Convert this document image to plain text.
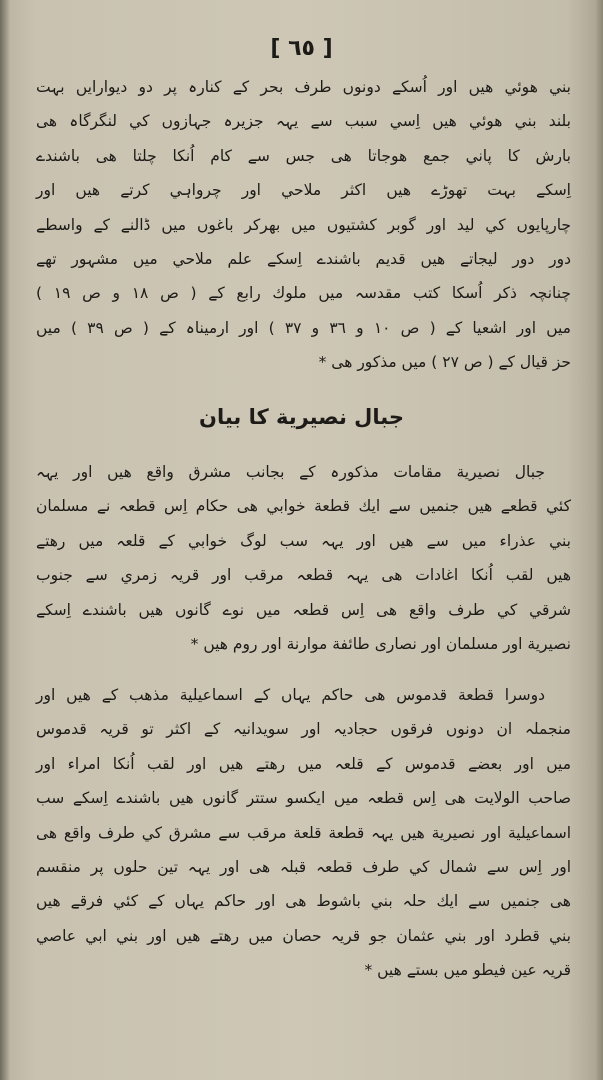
[ ٦٥ ]
بني هوئي هيں اور اُسكے دونوں طرف بحر كے كنارہ پر دو ديوارايں بہت
بلند بني هوئي هيں اِسي سبب سے يہہ جزيرہ جہازوں كي لنگرگاہ هى
بارش كا پاني جمع هوجاتا هى جس سے كام اُنكا چلتا هى باشندے
اِسكے بہت تهوڑے هيں اكثر ملاحي اور چرواہي كرتے هيں اور
چارپايوں كي ليد اور گوبر كشتيوں ميں بهركر باغوں ميں ڈالنے كے واسطے
دور دور ليجاتے هيں قديم باشندے اِسكے علم ملاحي ميں مشہور تهے
چنانچہ ذكر اُسكا كتب مقدسہ ميں ملوك رابع كے ( ص ١٨ و ص ١٩ )
ميں اور اشعيا كے ( ص ١٠ و ٣٦ و ٣٧ ) اور ارميناہ كے ( ص ٣٩ ) ميں
حز قيال كے ( ص ٢٧ ) ميں مذكور هى *
جبال نصيرية كا بيان
جبال نصيرية مقامات مذكورہ كے بجانب مشرق واقع هيں اور يہہ
كئي قطعے هيں جنميں سے ايك قطعة خوابي هى حكام اِس قطعہ نے مسلمان
بني عذراء ميں سے هيں اور يہہ سب لوگ خوابي كے قلعہ ميں رهتے
هيں لقب اُنكا اغادات هى يہہ قطعہ مرقب اور قريہ زمري سے جنوب
شرقي كي طرف واقع هى اِس قطعہ ميں نوے گانوں هيں باشندے اِسكے
نصيرية اور مسلمان اور نصارى طائفة موارنة اور روم هيں *
دوسرا قطعة قدموس هى حاكم يہاں كے اسماعيلية مذهب كے هيں اور
منجملہ ان دونوں فرقوں حجاديہ اور سويدانيہ كے اكثر تو قريہ قدموس
ميں اور بعضے قدموس كے قلعہ ميں رهتے هيں اور لقب اُنكا امراء اور
صاحب الولايت هى اِس قطعہ ميں ايكسو ستتر گانوں هيں باشندے اِسكے سب
اسماعيلية اور نصيرية هيں يہہ قطعة قلعة مرقب سے مشرق كي طرف واقع هى
اور اِس سے شمال كي طرف قطعہ قبلہ هى اور يہہ تين حلوں پر منقسم
هى جنميں سے ايك حلہ بني باشوط هى اور حاكم يہاں كے كئي فرقے هيں
بني قطرد اور بني عثمان جو قريہ حصان ميں رهتے هيں اور بني ابي عاصي
قريہ عين فيطو ميں بستے هيں *
